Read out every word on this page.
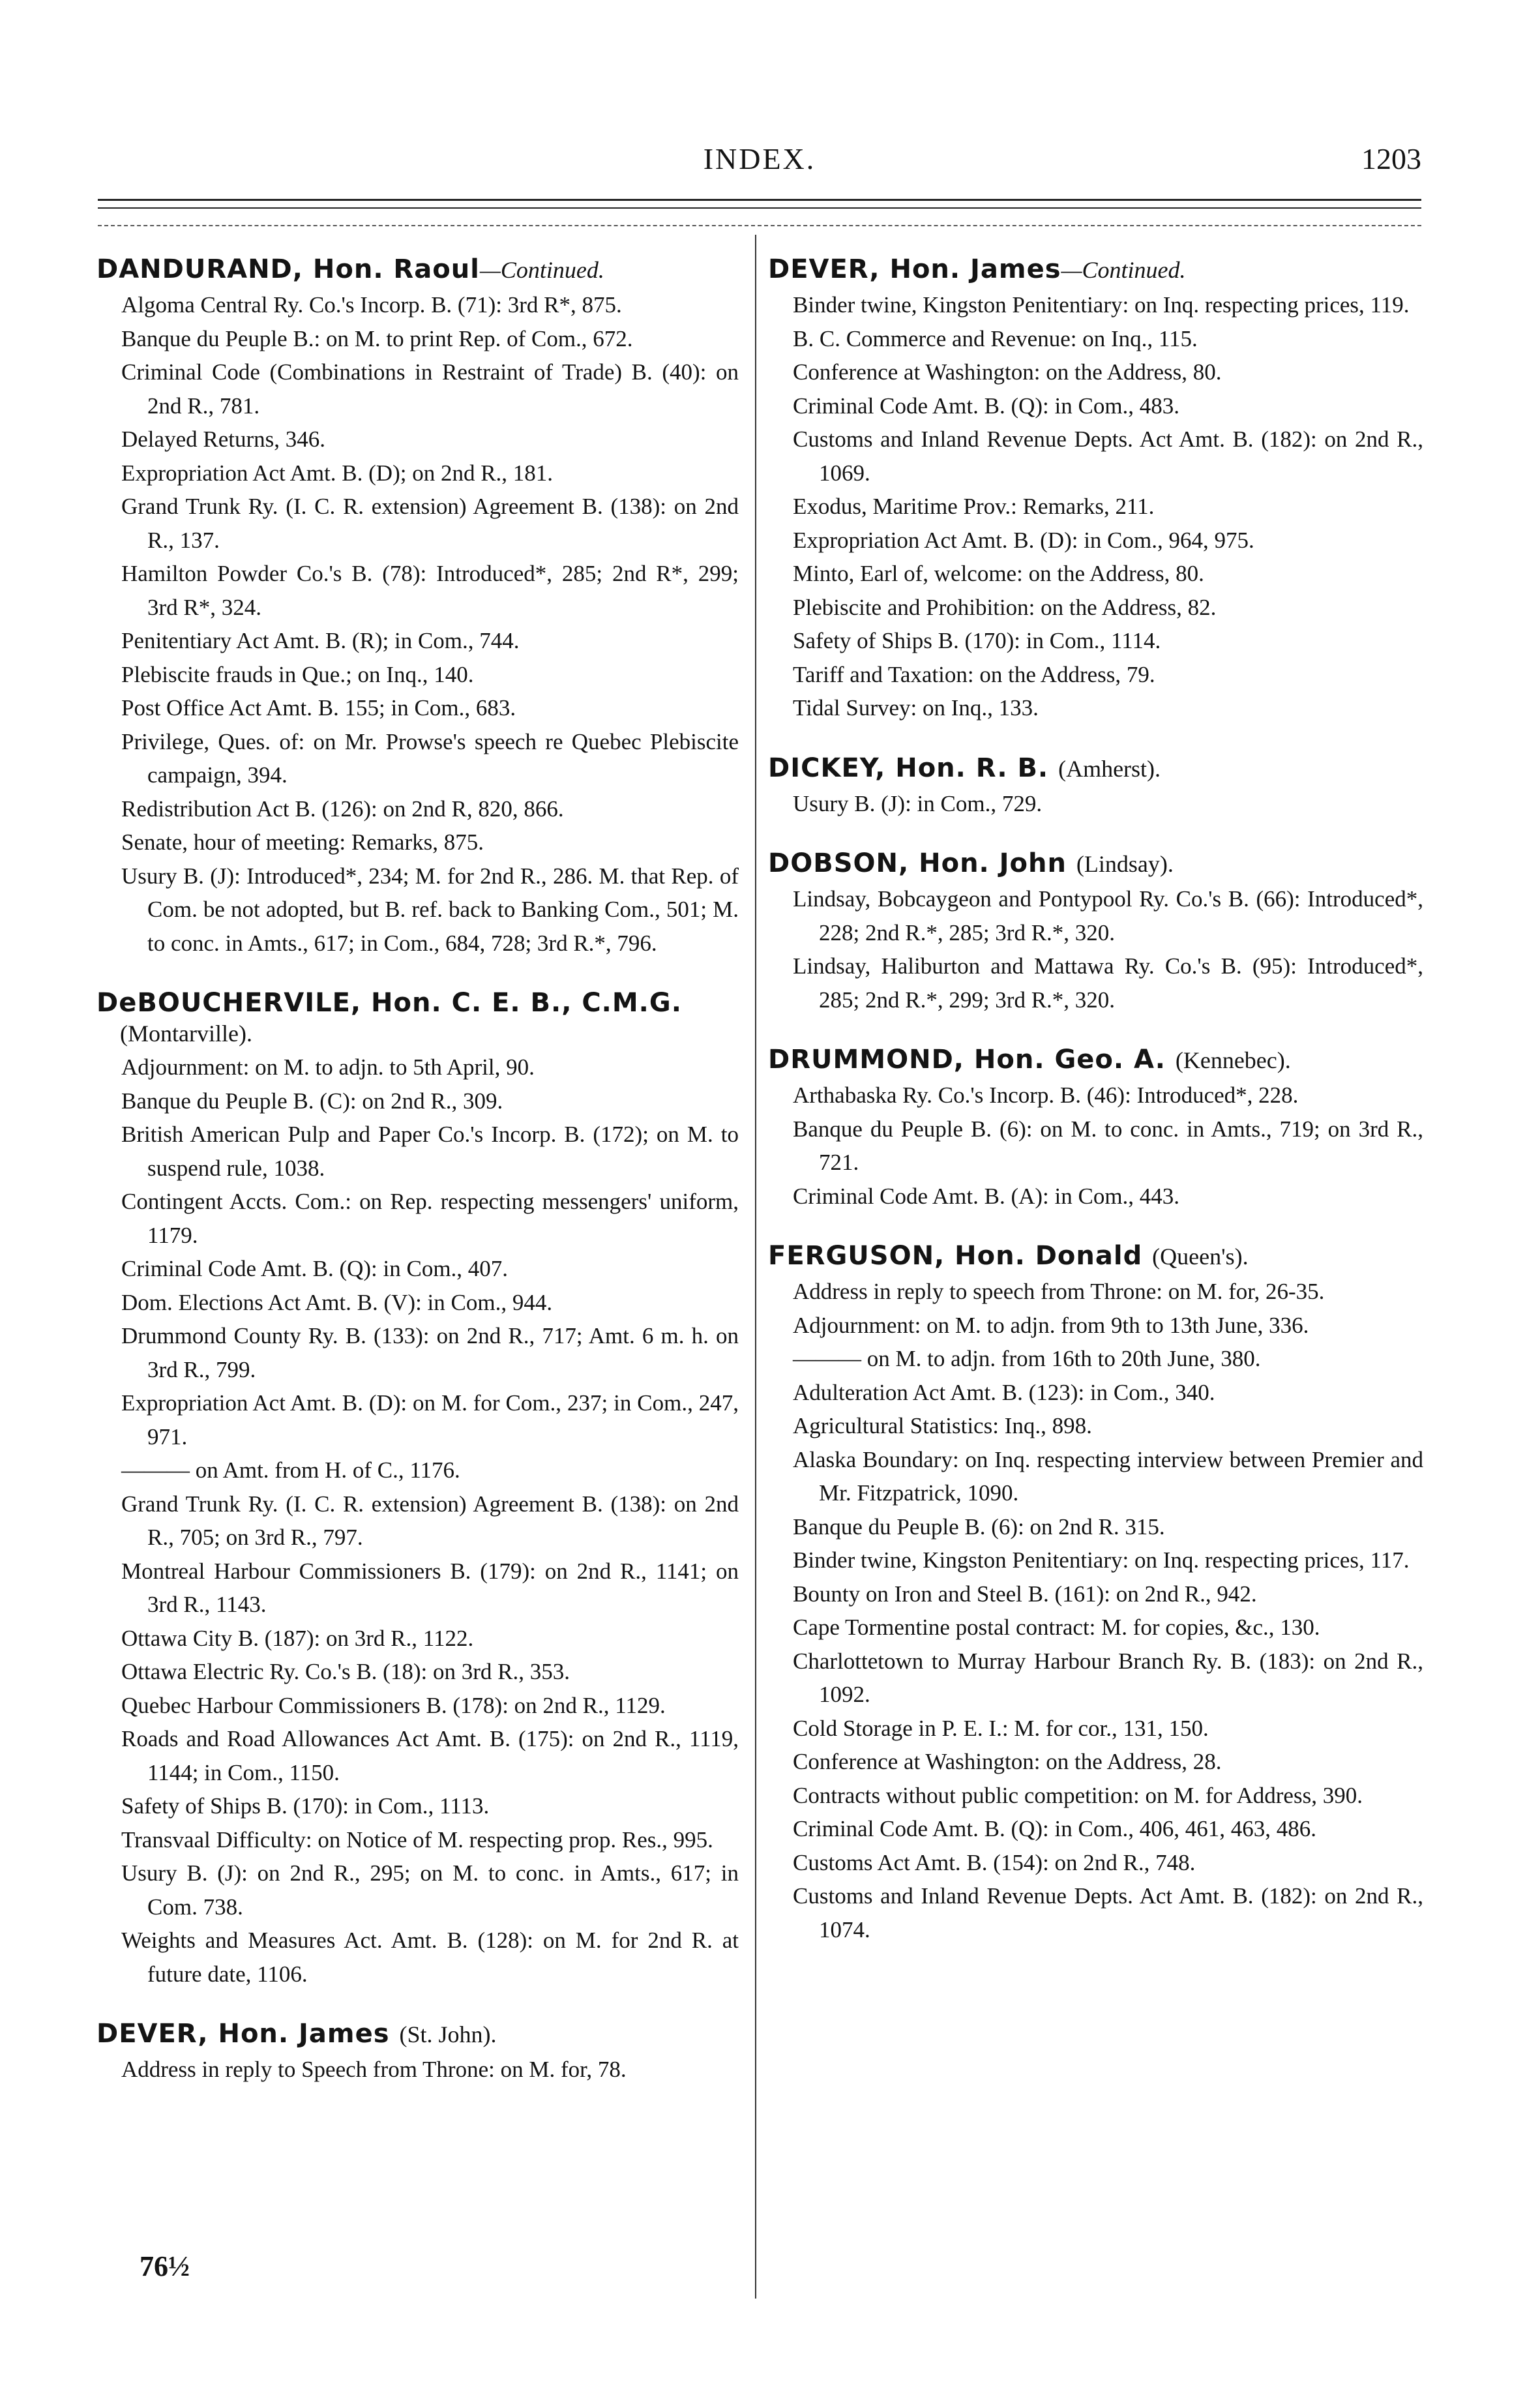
INDEX.	1203
DANDURAND, Hon. Raoul—Continued.
Algoma Central Ry. Co.'s Incorp. B. (71): 3rd R*, 875.
Banque du Peuple B.: on M. to print Rep. of Com., 672.
Criminal Code (Combinations in Restraint of Trade) B. (40): on 2nd R., 781.
Delayed Returns, 346.
Expropriation Act Amt. B. (D); on 2nd R., 181.
Grand Trunk Ry. (I. C. R. extension) Agreement B. (138): on 2nd R., 137.
Hamilton Powder Co.'s B. (78): Introduced*, 285; 2nd R*, 299; 3rd R*, 324.
Penitentiary Act Amt. B. (R); in Com., 744.
Plebiscite frauds in Que.; on Inq., 140.
Post Office Act Amt. B. 155; in Com., 683.
Privilege, Ques. of: on Mr. Prowse's speech re Quebec Plebiscite campaign, 394.
Redistribution Act B. (126): on 2nd R, 820, 866.
Senate, hour of meeting: Remarks, 875.
Usury B. (J): Introduced*, 234; M. for 2nd R., 286. M. that Rep. of Com. be not adopted, but B. ref. back to Banking Com., 501; M. to conc. in Amts., 617; in Com., 684, 728; 3rd R.*, 796.
DeBOUCHERVILE, Hon. C. E. B., C.M.G.
(Montarville).
Adjournment: on M. to adjn. to 5th April, 90.
Banque du Peuple B. (C): on 2nd R., 309.
British American Pulp and Paper Co.'s Incorp. B. (172); on M. to suspend rule, 1038.
Contingent Accts. Com.: on Rep. respecting messengers' uniform, 1179.
Criminal Code Amt. B. (Q): in Com., 407.
Dom. Elections Act Amt. B. (V): in Com., 944.
Drummond County Ry. B. (133): on 2nd R., 717; Amt. 6 m. h. on 3rd R., 799.
Expropriation Act Amt. B. (D): on M. for Com., 237; in Com., 247, 971.
——— on Amt. from H. of C., 1176.
Grand Trunk Ry. (I. C. R. extension) Agreement B. (138): on 2nd R., 705; on 3rd R., 797.
Montreal Harbour Commissioners B. (179): on 2nd R., 1141; on 3rd R., 1143.
Ottawa City B. (187): on 3rd R., 1122.
Ottawa Electric Ry. Co.'s B. (18): on 3rd R., 353.
Quebec Harbour Commissioners B. (178): on 2nd R., 1129.
Roads and Road Allowances Act Amt. B. (175): on 2nd R., 1119, 1144; in Com., 1150.
Safety of Ships B. (170): in Com., 1113.
Transvaal Difficulty: on Notice of M. respecting prop. Res., 995.
Usury B. (J): on 2nd R., 295; on M. to conc. in Amts., 617; in Com. 738.
Weights and Measures Act. Amt. B. (128): on M. for 2nd R. at future date, 1106.
DEVER, Hon. James (St. John).
Address in reply to Speech from Throne: on M. for, 78.
DEVER, Hon. James—Continued.
Binder twine, Kingston Penitentiary: on Inq. respecting prices, 119.
B. C. Commerce and Revenue: on Inq., 115.
Conference at Washington: on the Address, 80.
Criminal Code Amt. B. (Q): in Com., 483.
Customs and Inland Revenue Depts. Act Amt. B. (182): on 2nd R., 1069.
Exodus, Maritime Prov.: Remarks, 211.
Expropriation Act Amt. B. (D): in Com., 964, 975.
Minto, Earl of, welcome: on the Address, 80.
Plebiscite and Prohibition: on the Address, 82.
Safety of Ships B. (170): in Com., 1114.
Tariff and Taxation: on the Address, 79.
Tidal Survey: on Inq., 133.
DICKEY, Hon. R. B. (Amherst).
Usury B. (J): in Com., 729.
DOBSON, Hon. John (Lindsay).
Lindsay, Bobcaygeon and Pontypool Ry. Co.'s B. (66): Introduced*, 228; 2nd R.*, 285; 3rd R.*, 320.
Lindsay, Haliburton and Mattawa Ry. Co.'s B. (95): Introduced*, 285; 2nd R.*, 299; 3rd R.*, 320.
DRUMMOND, Hon. Geo. A. (Kennebec).
Arthabaska Ry. Co.'s Incorp. B. (46): Introduced*, 228.
Banque du Peuple B. (6): on M. to conc. in Amts., 719; on 3rd R., 721.
Criminal Code Amt. B. (A): in Com., 443.
FERGUSON, Hon. Donald (Queen's).
Address in reply to speech from Throne: on M. for, 26-35.
Adjournment: on M. to adjn. from 9th to 13th June, 336.
——— on M. to adjn. from 16th to 20th June, 380.
Adulteration Act Amt. B. (123): in Com., 340.
Agricultural Statistics: Inq., 898.
Alaska Boundary: on Inq. respecting interview between Premier and Mr. Fitzpatrick, 1090.
Banque du Peuple B. (6): on 2nd R. 315.
Binder twine, Kingston Penitentiary: on Inq. respecting prices, 117.
Bounty on Iron and Steel B. (161): on 2nd R., 942.
Cape Tormentine postal contract: M. for copies, &c., 130.
Charlottetown to Murray Harbour Branch Ry. B. (183): on 2nd R., 1092.
Cold Storage in P. E. I.: M. for cor., 131, 150.
Conference at Washington: on the Address, 28.
Contracts without public competition: on M. for Address, 390.
Criminal Code Amt. B. (Q): in Com., 406, 461, 463, 486.
Customs Act Amt. B. (154): on 2nd R., 748.
Customs and Inland Revenue Depts. Act Amt. B. (182): on 2nd R., 1074.
76½
